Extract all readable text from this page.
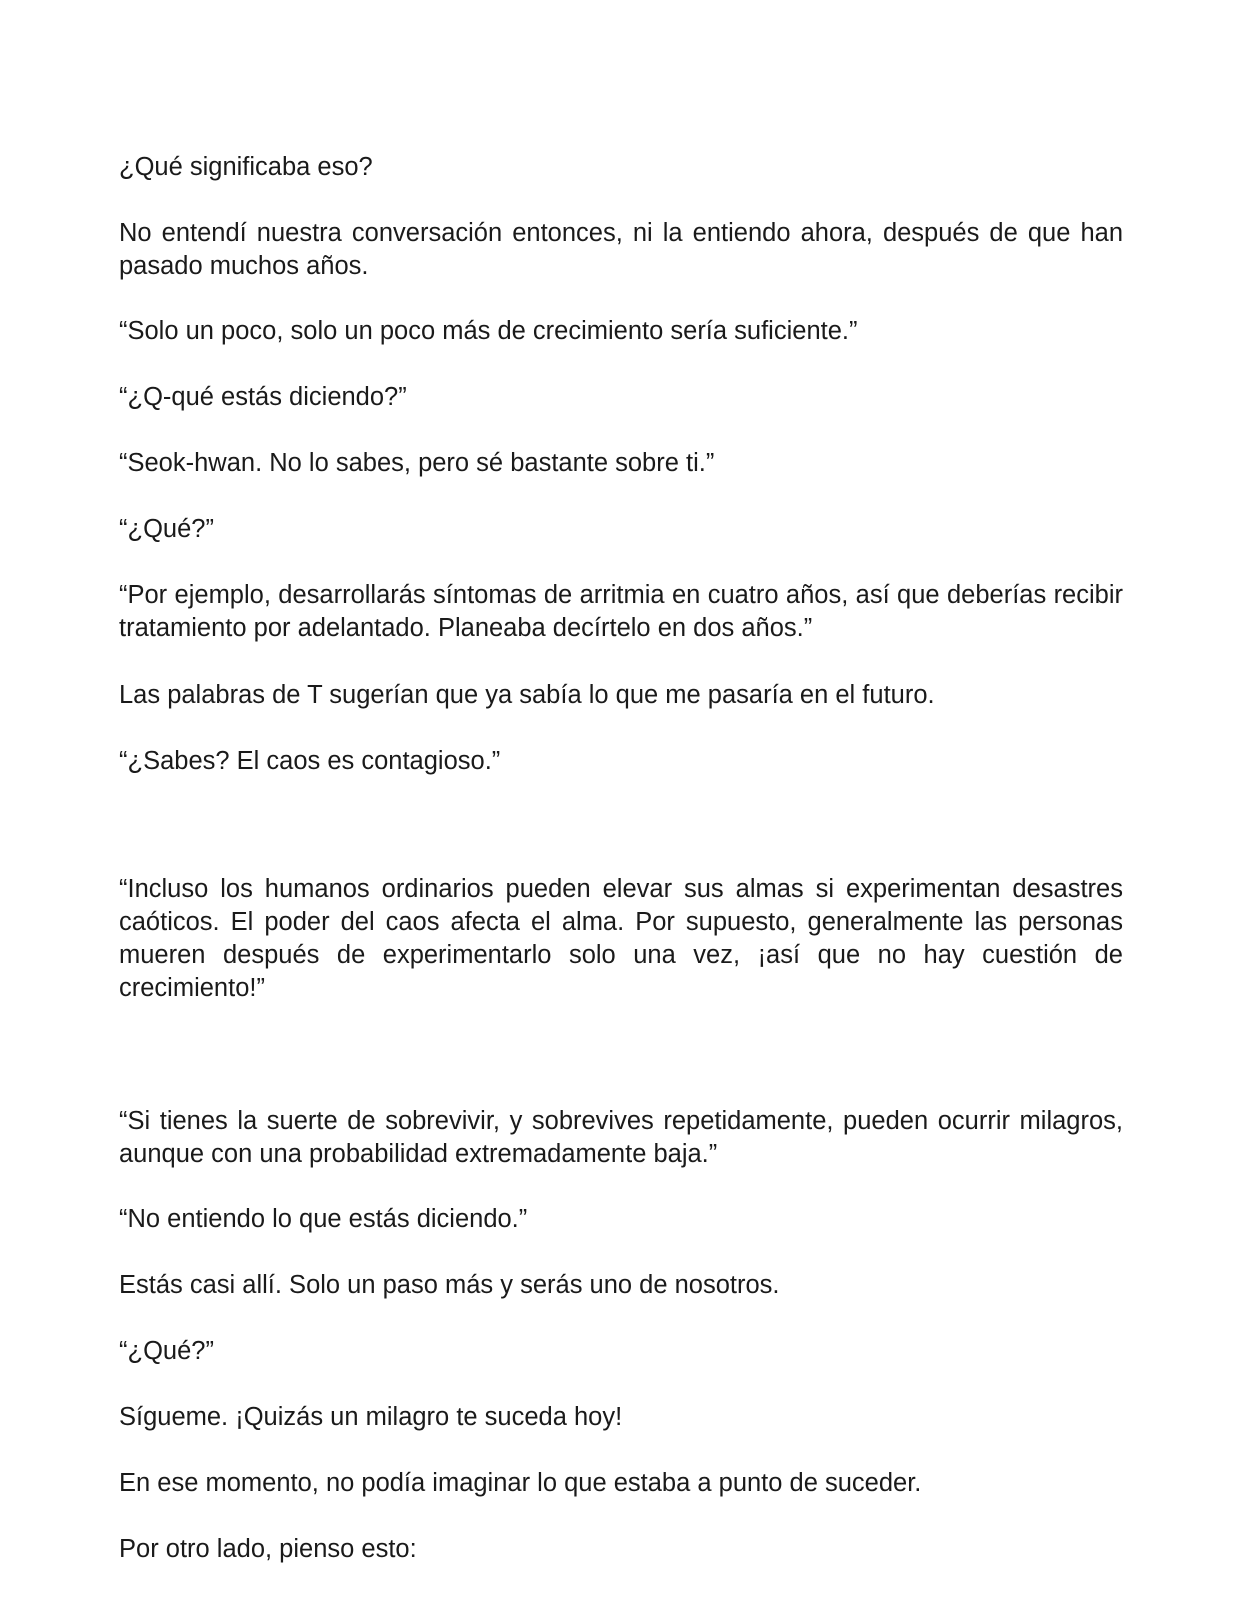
¿Qué significaba eso?

No entendí nuestra conversación entonces, ni la entiendo ahora, después de que han pasado muchos años.

“Solo un poco, solo un poco más de crecimiento sería suficiente.”

“¿Q-qué estás diciendo?”

“Seok-hwan. No lo sabes, pero sé bastante sobre ti.”

“¿Qué?”

“Por ejemplo, desarrollarás síntomas de arritmia en cuatro años, así que deberías recibir tratamiento por adelantado. Planeaba decírtelo en dos años.”

Las palabras de T sugerían que ya sabía lo que me pasaría en el futuro.

“¿Sabes? El caos es contagioso.”

“Incluso los humanos ordinarios pueden elevar sus almas si experimentan desastres caóticos. El poder del caos afecta el alma. Por supuesto, generalmente las personas mueren después de experimentarlo solo una vez, ¡así que no hay cuestión de crecimiento!”

“Si tienes la suerte de sobrevivir, y sobrevives repetidamente, pueden ocurrir milagros, aunque con una probabilidad extremadamente baja.”

“No entiendo lo que estás diciendo.”

Estás casi allí. Solo un paso más y serás uno de nosotros.

“¿Qué?”

Sígueme. ¡Quizás un milagro te suceda hoy!

En ese momento, no podía imaginar lo que estaba a punto de suceder.

Por otro lado, pienso esto:
